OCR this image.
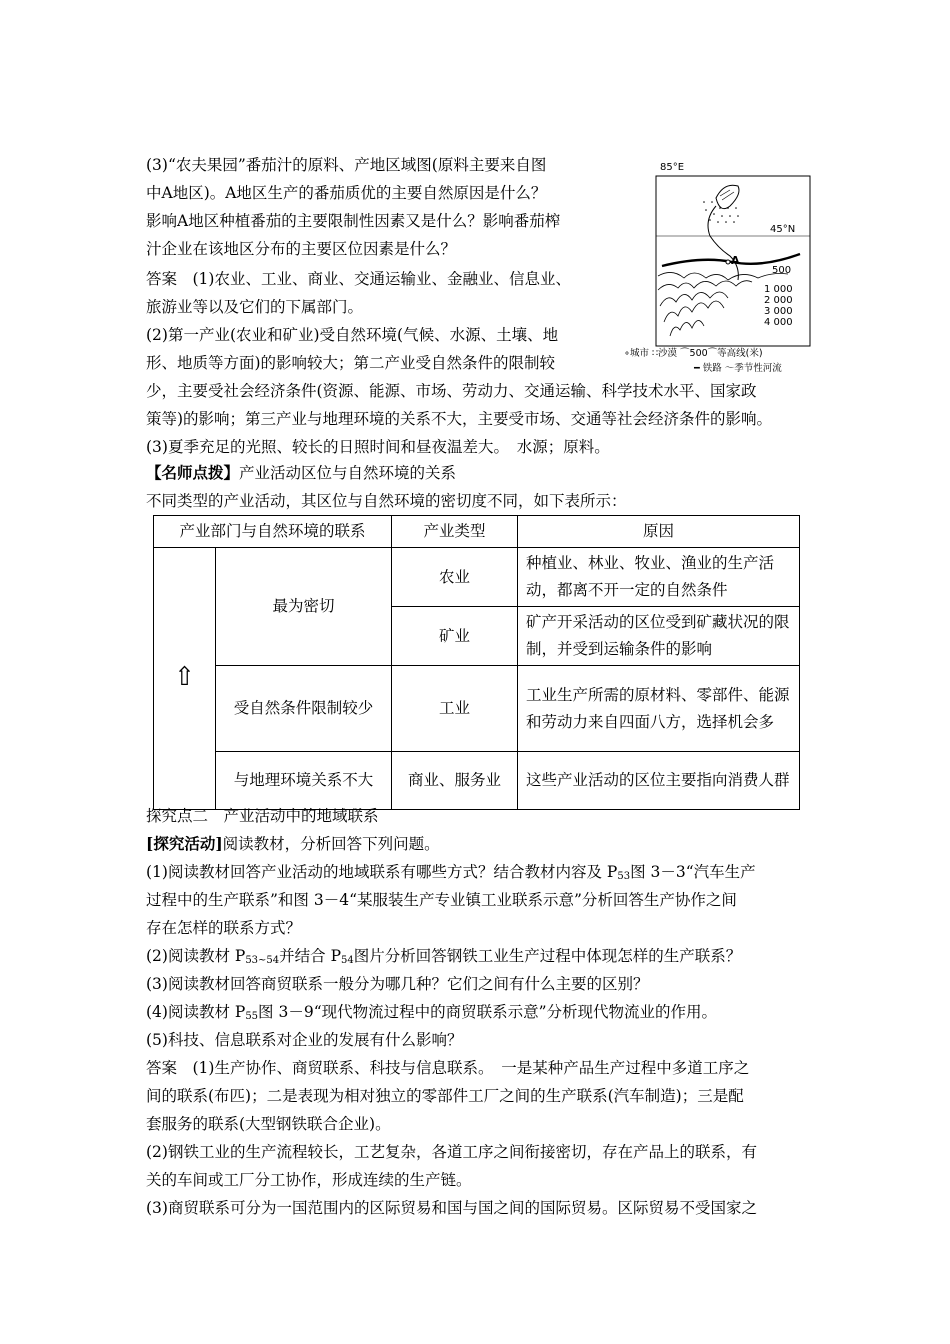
(3)“农夫果园”番茄汁的原料、产地区域图(原料主要来自图
中A地区)。A地区生产的番茄质优的主要自然原因是什么？
影响A地区种植番茄的主要限制性因素又是什么？影响番茄榨
汁企业在该地区分布的主要区位因素是什么？
答案　(1)农业、工业、商业、交通运输业、金融业、信息业、
旅游业等以及它们的下属部门。
(2)第一产业(农业和矿业)受自然环境(气候、水源、土壤、地
形、地质等方面)的影响较大；第二产业受自然条件的限制较
少，主要受社会经济条件(资源、能源、市场、劳动力、交通运输、科学技术水平、国家政
策等)的影响；第三产业与地理环境的关系不大，主要受市场、交通等社会经济条件的影响。
(3)夏季充足的光照、较长的日照时间和昼夜温差大。　水源；原料。
85°E
45°N
A
500
1 000
2 000
3 000
4 000
∘城市 ∷沙漠 ⌒500⌒等高线(米)
━ 铁路 ～季节性河流
【名师点拨】产业活动区位与自然环境的关系
不同类型的产业活动，其区位与自然环境的密切度不同，如下表所示：
产业部门与自然环境的联系		产业类型	原因
⇧	最为密切	农业	种植业、林业、牧业、渔业的生产活动，都离不开一定的自然条件
		矿业	矿产开采活动的区位受到矿藏状况的限制，并受到运输条件的影响
	受自然条件限制较少	工业	工业生产所需的原材料、零部件、能源和劳动力来自四面八方，选择机会多
	与地理环境关系不大	商业、服务业	这些产业活动的区位主要指向消费人群
探究点二　产业活动中的地域联系
[探究活动]阅读教材，分析回答下列问题。
(1)阅读教材回答产业活动的地域联系有哪些方式？结合教材内容及 $P_{53}$图 3－3“汽车生产
过程中的生产联系”和图 3－4“某服装生产专业镇工业联系示意”分析回答生产协作之间
存在怎样的联系方式？
(2)阅读教材 $P_{53\sim 54}$并结合 $P_{54}$图片分析回答钢铁工业生产过程中体现怎样的生产联系？
(3)阅读教材回答商贸联系一般分为哪几种？它们之间有什么主要的区别？
(4)阅读教材 $P_{55}$图 3－9“现代物流过程中的商贸联系示意”分析现代物流业的作用。
(5)科技、信息联系对企业的发展有什么影响？
答案　(1)生产协作、商贸联系、科技与信息联系。　一是某种产品生产过程中多道工序之
间的联系(布匹)；二是表现为相对独立的零部件工厂之间的生产联系(汽车制造)；三是配
套服务的联系(大型钢铁联合企业)。
(2)钢铁工业的生产流程较长，工艺复杂，各道工序之间衔接密切，存在产品上的联系，有
关的车间或工厂分工协作，形成连续的生产链。
(3)商贸联系可分为一国范围内的区际贸易和国与国之间的国际贸易。区际贸易不受国家之
